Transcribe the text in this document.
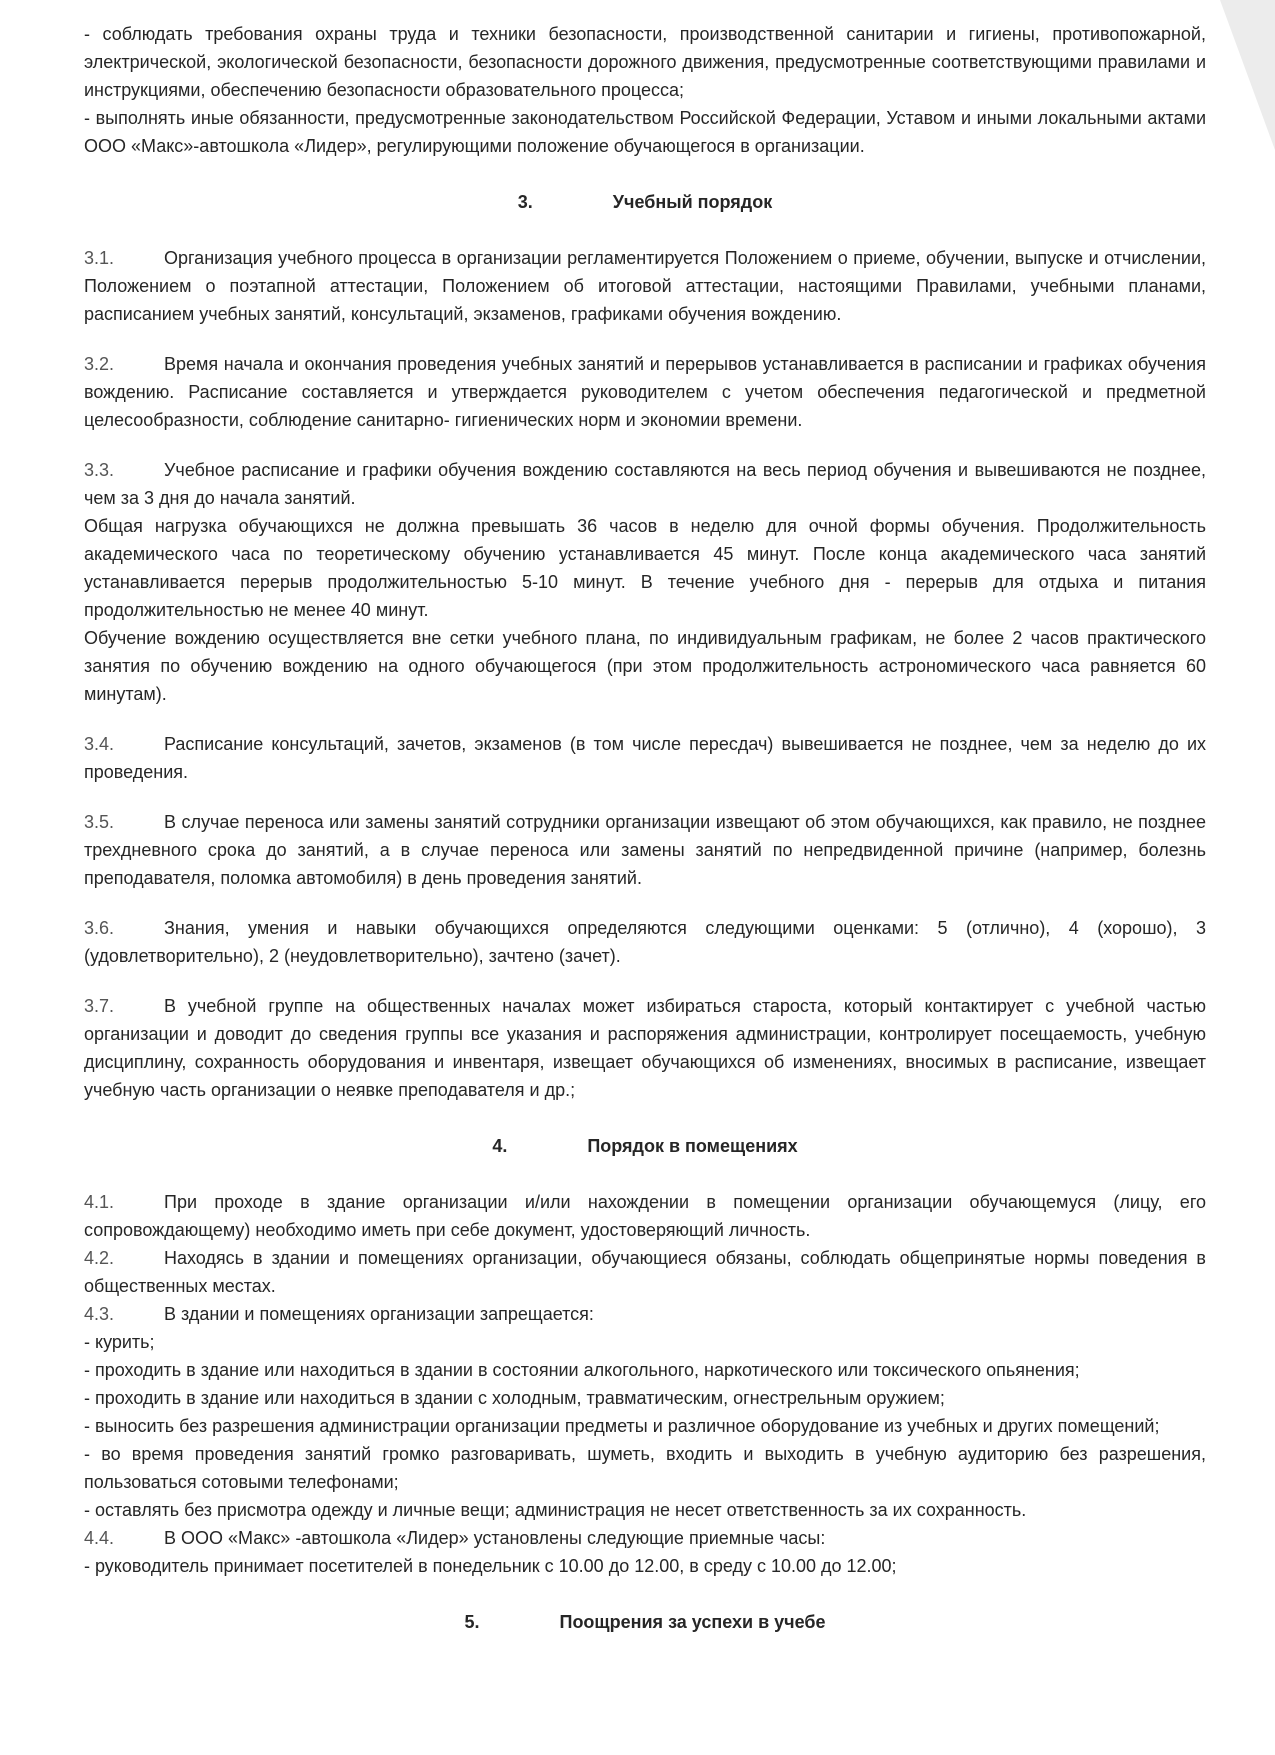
- соблюдать требования охраны труда и техники безопасности, производственной санитарии и гигиены, противопожарной, электрической, экологической безопасности, безопасности дорожного движения, предусмотренные соответствующими правилами и инструкциями, обеспечению безопасности образовательного процесса;

- выполнять иные обязанности, предусмотренные законодательством Российской Федерации, Уставом и иными локальными актами ООО «Макс»-автошкола «Лидер», регулирующими положение обучающегося в организации.

3.	Учебный порядок

3.1.	Организация учебного процесса в организации регламентируется Положением о приеме, обучении, выпуске и отчислении, Положением о поэтапной аттестации, Положением об итоговой аттестации, настоящими Правилами, учебными планами, расписанием учебных занятий, консультаций, экзаменов, графиками обучения вождению.

3.2.	Время начала и окончания проведения учебных занятий и перерывов устанавливается в расписании и графиках обучения вождению. Расписание составляется и утверждается руководителем с учетом обеспечения педагогической и предметной целесообразности, соблюдение санитарно- гигиенических норм и экономии времени.

3.3.	Учебное расписание и графики обучения вождению составляются на весь период обучения и вывешиваются не позднее, чем за 3 дня до начала занятий.

Общая нагрузка обучающихся не должна превышать 36 часов в неделю для очной формы обучения. Продолжительность академического часа по теоретическому обучению устанавливается 45 минут. После конца академического часа занятий устанавливается перерыв продолжительностью 5-10 минут. В течение учебного дня - перерыв для отдыха и питания продолжительностью не менее 40 минут.

Обучение вождению осуществляется вне сетки учебного плана, по индивидуальным графикам, не более 2 часов практического занятия по обучению вождению на одного обучающегося (при этом продолжительность астрономического часа равняется 60 минутам).

3.4.	Расписание консультаций, зачетов, экзаменов (в том числе пересдач) вывешивается не позднее, чем за неделю до их проведения.

3.5.	В случае переноса или замены занятий сотрудники организации извещают об этом обучающихся, как правило, не позднее трехдневного срока до занятий, а в случае переноса или замены занятий по непредвиденной причине (например, болезнь преподавателя, поломка автомобиля) в день проведения занятий.

3.6.	Знания, умения и навыки обучающихся определяются следующими оценками: 5 (отлично), 4 (хорошо), 3 (удовлетворительно), 2 (неудовлетворительно), зачтено (зачет).

3.7.	В учебной группе на общественных началах может избираться староста, который контактирует с учебной частью организации и доводит до сведения группы все указания и распоряжения администрации, контролирует посещаемость, учебную дисциплину, сохранность оборудования и инвентаря, извещает обучающихся об изменениях, вносимых в расписание, извещает учебную часть организации о неявке преподавателя и др.;

4.	Порядок в помещениях

4.1.	При проходе в здание организации и/или нахождении в помещении организации обучающемуся (лицу, его сопровождающему) необходимо иметь при себе документ, удостоверяющий личность.

4.2.	Находясь в здании и помещениях организации, обучающиеся обязаны, соблюдать общепринятые нормы поведения в общественных местах.

4.3.	В здании и помещениях организации запрещается:

- курить;

- проходить в здание или находиться в здании в состоянии алкогольного, наркотического или токсического опьянения;

- проходить в здание или находиться в здании с холодным, травматическим, огнестрельным оружием;

- выносить без разрешения администрации организации предметы и различное оборудование из учебных и других помещений;

- во время проведения занятий громко разговаривать, шуметь, входить и выходить в учебную аудиторию без разрешения, пользоваться сотовыми телефонами;

- оставлять без присмотра одежду и личные вещи; администрация не несет ответственность за их сохранность.

4.4.	В ООО «Макс» -автошкола «Лидер» установлены следующие приемные часы:

- руководитель принимает посетителей в понедельник с 10.00 до 12.00, в среду с 10.00 до 12.00;

5.	Поощрения за успехи в учебе
